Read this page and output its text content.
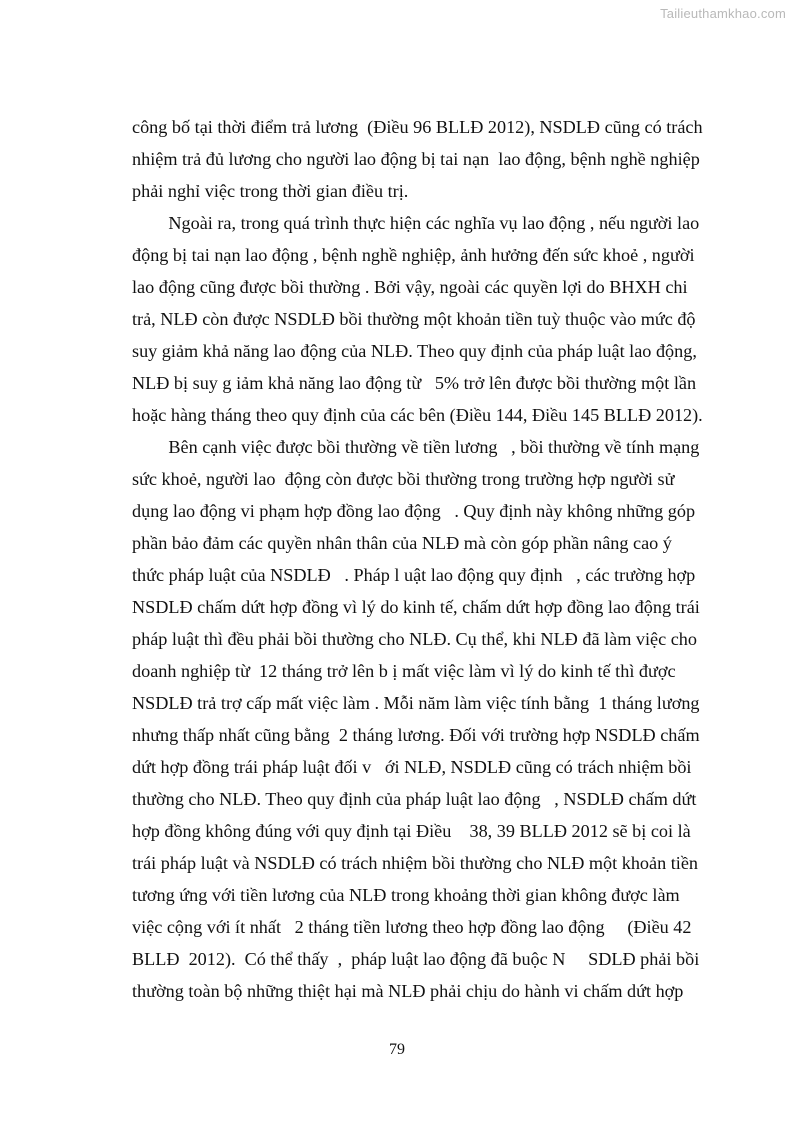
Tailieuthamkhao.com
công bố tại thời điểm trả lương  (Điều 96 BLLĐ 2012), NSDLĐ cũng có trách
nhiệm trả đủ lương cho người lao động bị tai nạn  lao động, bệnh nghề nghiệp
phải nghỉ việc trong thời gian điều trị.
Ngoài ra, trong quá trình thực hiện các nghĩa vụ lao động , nếu người lao
động bị tai nạn lao động , bệnh nghề nghiệp, ảnh hưởng đến sức khoẻ , người
lao động cũng được bồi thường . Bởi vậy, ngoài các quyền lợi do BHXH chi
trả, NLĐ còn được NSDLĐ bồi thường một khoản tiền tuỳ thuộc vào mức độ
suy giảm khả năng lao động của NLĐ. Theo quy định của pháp luật lao động,
NLĐ bị suy g iảm khả năng lao động từ   5% trở lên được bồi thường một lần
hoặc hàng tháng theo quy định của các bên (Điều 144, Điều 145 BLLĐ 2012).
Bên cạnh việc được bồi thường về tiền lương   , bồi thường về tính mạng
sức khoẻ, người lao  động còn được bồi thường trong trường hợp người sử
dụng lao động vi phạm hợp đồng lao động   . Quy định này không những góp
phần bảo đảm các quyền nhân thân của NLĐ mà còn góp phần nâng cao ý
thức pháp luật của NSDLĐ   . Pháp l uật lao động quy định   , các trường hợp
NSDLĐ chấm dứt hợp đồng vì lý do kinh tế, chấm dứt hợp đồng lao động trái
pháp luật thì đều phải bồi thường cho NLĐ. Cụ thể, khi NLĐ đã làm việc cho
doanh nghiệp từ  12 tháng trở lên b ị mất việc làm vì lý do kinh tế thì được
NSDLĐ trả trợ cấp mất việc làm . Mỗi năm làm việc tính bằng  1 tháng lương
nhưng thấp nhất cũng bằng  2 tháng lương. Đối với trường hợp NSDLĐ chấm
dứt hợp đồng trái pháp luật đối v   ới NLĐ, NSDLĐ cũng có trách nhiệm bồi
thường cho NLĐ. Theo quy định của pháp luật lao động   , NSDLĐ chấm dứt
hợp đồng không đúng với quy định tại Điều    38, 39 BLLĐ 2012 sẽ bị coi là
trái pháp luật và NSDLĐ có trách nhiệm bồi thường cho NLĐ một khoản tiền
tương ứng với tiền lương của NLĐ trong khoảng thời gian không được làm
việc cộng với ít nhất   2 tháng tiền lương theo hợp đồng lao động     (Điều 42
BLLĐ  2012).  Có thể thấy  ,  pháp luật lao động đã buộc N     SDLĐ phải bồi
thường toàn bộ những thiệt hại mà NLĐ phải chịu do hành vi chấm dứt hợp
79
